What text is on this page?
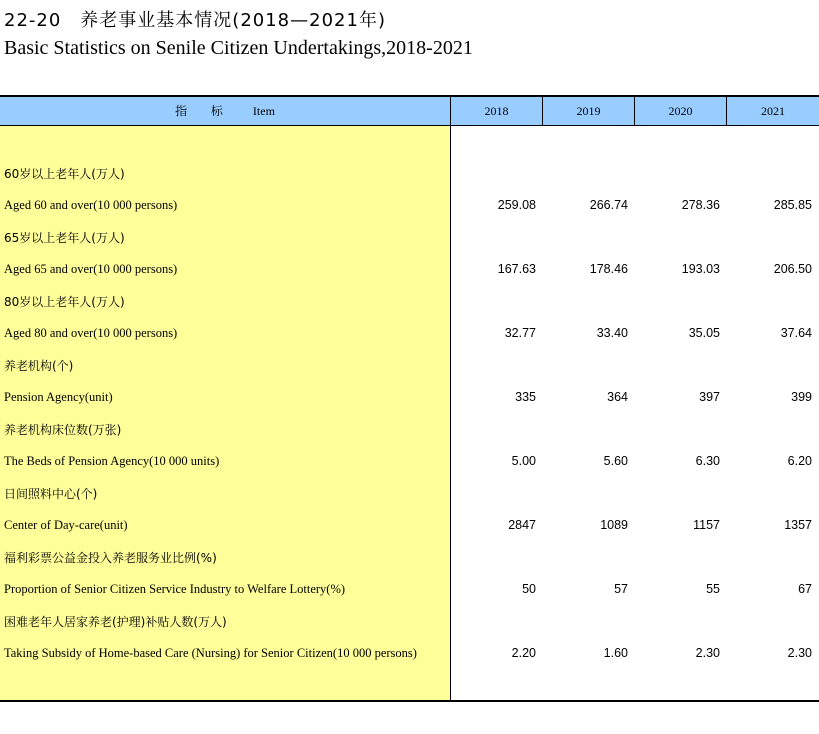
22-20　养老事业基本情况(2018—2021年)
Basic Statistics on Senile Citizen Undertakings,2018-2021
指 标 Item	2018	2019	2020	2021
60岁以上老年人(万人)
Aged 60 and over(10 000 persons)	259.08	266.74	278.36	285.85
65岁以上老年人(万人)
Aged 65 and over(10 000 persons)	167.63	178.46	193.03	206.50
80岁以上老年人(万人)
Aged 80 and over(10 000 persons)	32.77	33.40	35.05	37.64
养老机构(个)
Pension Agency(unit)	335	364	397	399
养老机构床位数(万张)
The Beds of Pension Agency(10 000 units)	5.00	5.60	6.30	6.20
日间照料中心(个)
Center of Day-care(unit)	2847	1089	1157	1357
福利彩票公益金投入养老服务业比例(%)
Proportion of Senior Citizen Service Industry to Welfare Lottery(%)	50	57	55	67
困难老年人居家养老(护理)补贴人数(万人)
Taking Subsidy of Home-based Care (Nursing) for Senior Citizen(10 000 persons)	2.20	1.60	2.30	2.30
